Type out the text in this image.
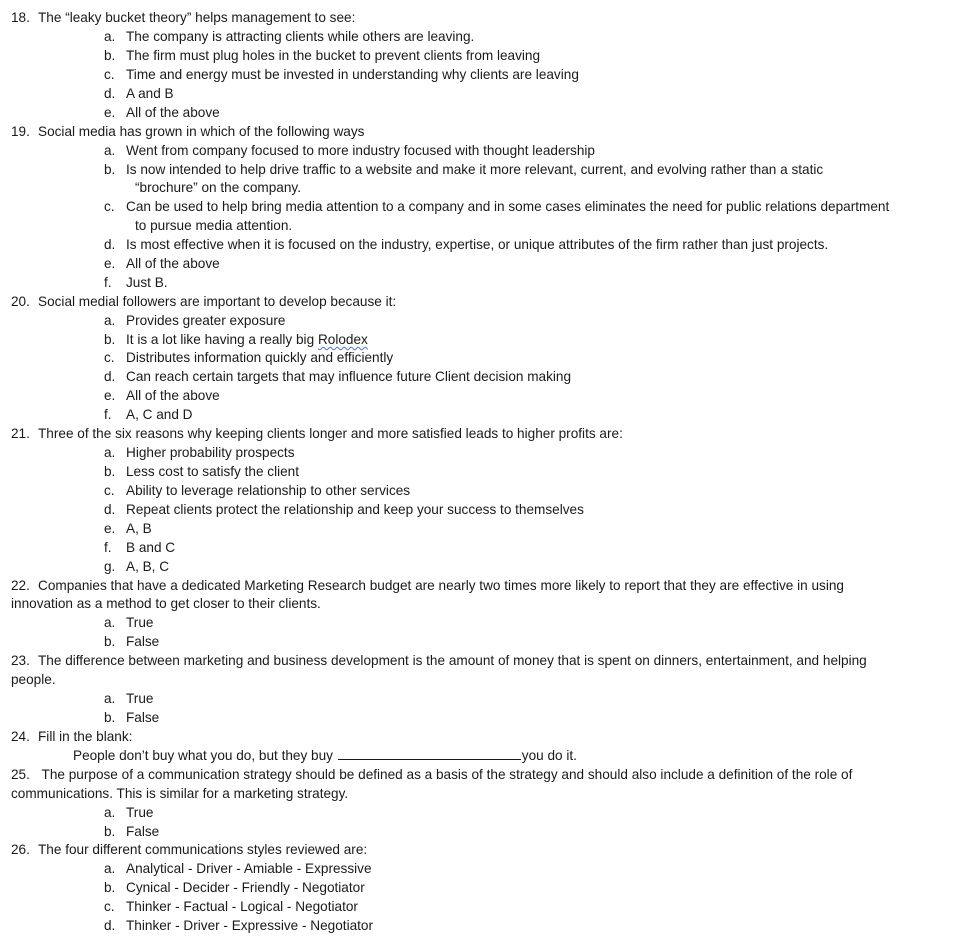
18. The “leaky bucket theory” helps management to see:
a. The company is attracting clients while others are leaving.
b. The firm must plug holes in the bucket to prevent clients from leaving
c. Time and energy must be invested in understanding why clients are leaving
d. A and B
e. All of the above
19. Social media has grown in which of the following ways
a. Went from company focused to more industry focused with thought leadership
b. Is now intended to help drive traffic to a website and make it more relevant, current, and evolving rather than a static
“brochure” on the company.
c. Can be used to help bring media attention to a company and in some cases eliminates the need for public relations department
to pursue media attention.
d. Is most effective when it is focused on the industry, expertise, or unique attributes of the firm rather than just projects.
e. All of the above
f. Just B.
20. Social medial followers are important to develop because it:
a. Provides greater exposure
b. It is a lot like having a really big Rolodex
c. Distributes information quickly and efficiently
d. Can reach certain targets that may influence future Client decision making
e. All of the above
f. A, C and D
21. Three of the six reasons why keeping clients longer and more satisfied leads to higher profits are:
a. Higher probability prospects
b. Less cost to satisfy the client
c. Ability to leverage relationship to other services
d. Repeat clients protect the relationship and keep your success to themselves
e. A, B
f. B and C
g. A, B, C
22. Companies that have a dedicated Marketing Research budget are nearly two times more likely to report that they are effective in using
innovation as a method to get closer to their clients.
a. True
b. False
23. The difference between marketing and business development is the amount of money that is spent on dinners, entertainment, and helping
people.
a. True
b. False
24. Fill in the blank:
People don’t buy what you do, but they buy	you do it.
25. The purpose of a communication strategy should be defined as a basis of the strategy and should also include a definition of the role of
communications. This is similar for a marketing strategy.
a. True
b. False
26. The four different communications styles reviewed are:
a. Analytical - Driver - Amiable - Expressive
b. Cynical - Decider - Friendly - Negotiator
c. Thinker - Factual - Logical - Negotiator
d. Thinker - Driver - Expressive - Negotiator
